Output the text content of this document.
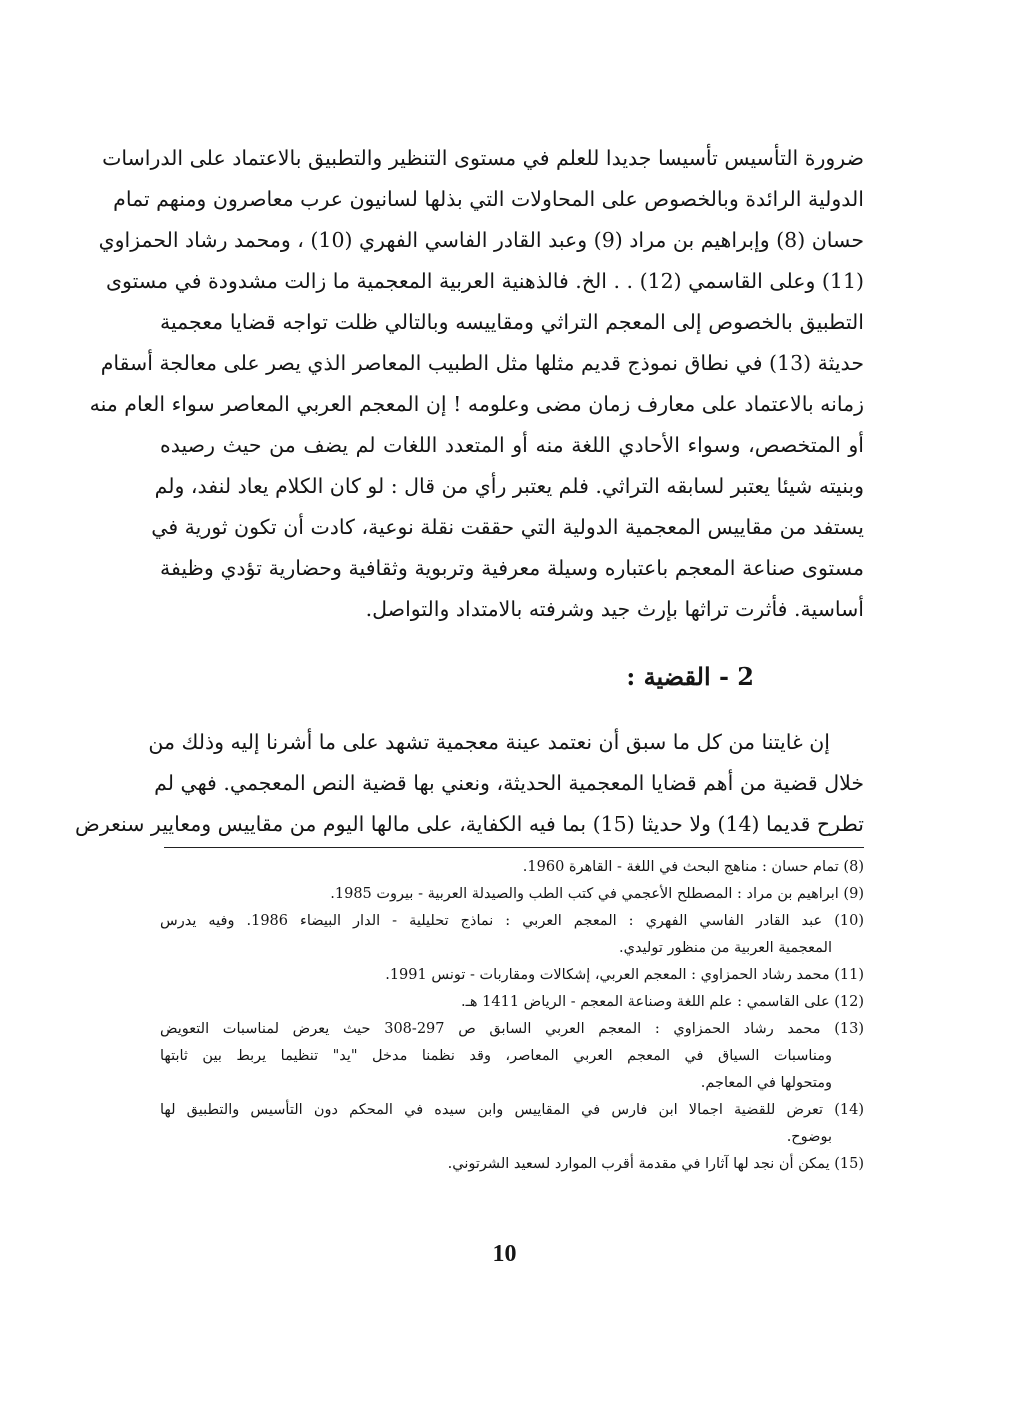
ضرورة التأسيس تأسيسا جديدا للعلم في مستوى التنظير والتطبيق بالاعتماد على الدراسات
الدولية الرائدة وبالخصوص على المحاولات التي بذلها لسانيون عرب معاصرون ومنهم تمام
حسان (8) وإبراهيم بن مراد (9) وعبد القادر الفاسي الفهري (10) ، ومحمد رشاد الحمزاوي
(11) وعلى القاسمي (12) . . الخ. فالذهنية العربية المعجمية ما زالت مشدودة في مستوى
التطبيق بالخصوص إلى المعجم التراثي ومقاييسه وبالتالي ظلت تواجه قضايا معجمية
حديثة (13) في نطاق نموذج قديم مثلها مثل الطبيب المعاصر الذي يصر على معالجة أسقام
زمانه بالاعتماد على معارف زمان مضى وعلومه ! إن المعجم العربي المعاصر سواء العام منه
أو المتخصص، وسواء الأحادي اللغة منه أو المتعدد اللغات لم يضف من حيث رصيده
وبنيته شيئا يعتبر لسابقه التراثي. فلم يعتبر رأي من قال : لو كان الكلام يعاد لنفد، ولم
يستفد من مقاييس المعجمية الدولية التي حققت نقلة نوعية، كادت أن تكون ثورية في
مستوى صناعة المعجم باعتباره وسيلة معرفية وتربوية وثقافية وحضارية تؤدي وظيفة
أساسية. فأثرت تراثها بإرث جيد وشرفته بالامتداد والتواصل.
2 - القضية :
إن غايتنا من كل ما سبق أن نعتمد عينة معجمية تشهد على ما أشرنا إليه وذلك من
خلال قضية من أهم قضايا المعجمية الحديثة، ونعني بها قضية النص المعجمي. فهي لم
تطرح قديما (14) ولا حديثا (15) بما فيه الكفاية، على مالها اليوم من مقاييس ومعايير سنعرض
(8) تمام حسان : مناهج البحث في اللغة - القاهرة 1960.
(9) ابراهيم بن مراد : المصطلح الأعجمي في كتب الطب والصيدلة العربية - بيروت 1985.
(10) عبد القادر الفاسي الفهري : المعجم العربي : نماذج تحليلية - الدار البيضاء 1986. وفيه يدرس
المعجمية العربية من منظور توليدي.
(11) محمد رشاد الحمزاوي : المعجم العربي، إشكالات ومقاربات - تونس 1991.
(12) على القاسمي : علم اللغة وصناعة المعجم - الرياض 1411 هـ.
(13) محمد رشاد الحمزاوي : المعجم العربي السابق ص 297-308 حيث يعرض لمناسبات التعويض
ومناسبات السياق في المعجم العربي المعاصر، وقد نظمنا مدخل "يد" تنظيما يربط بين ثابتها
ومتحولها في المعاجم.
(14) تعرض للقضية اجمالا ابن فارس في المقاييس وابن سيده في المحكم دون التأسيس والتطبيق لها
بوضوح.
(15) يمكن أن نجد لها آثارا في مقدمة أقرب الموارد لسعيد الشرتوني.
10
